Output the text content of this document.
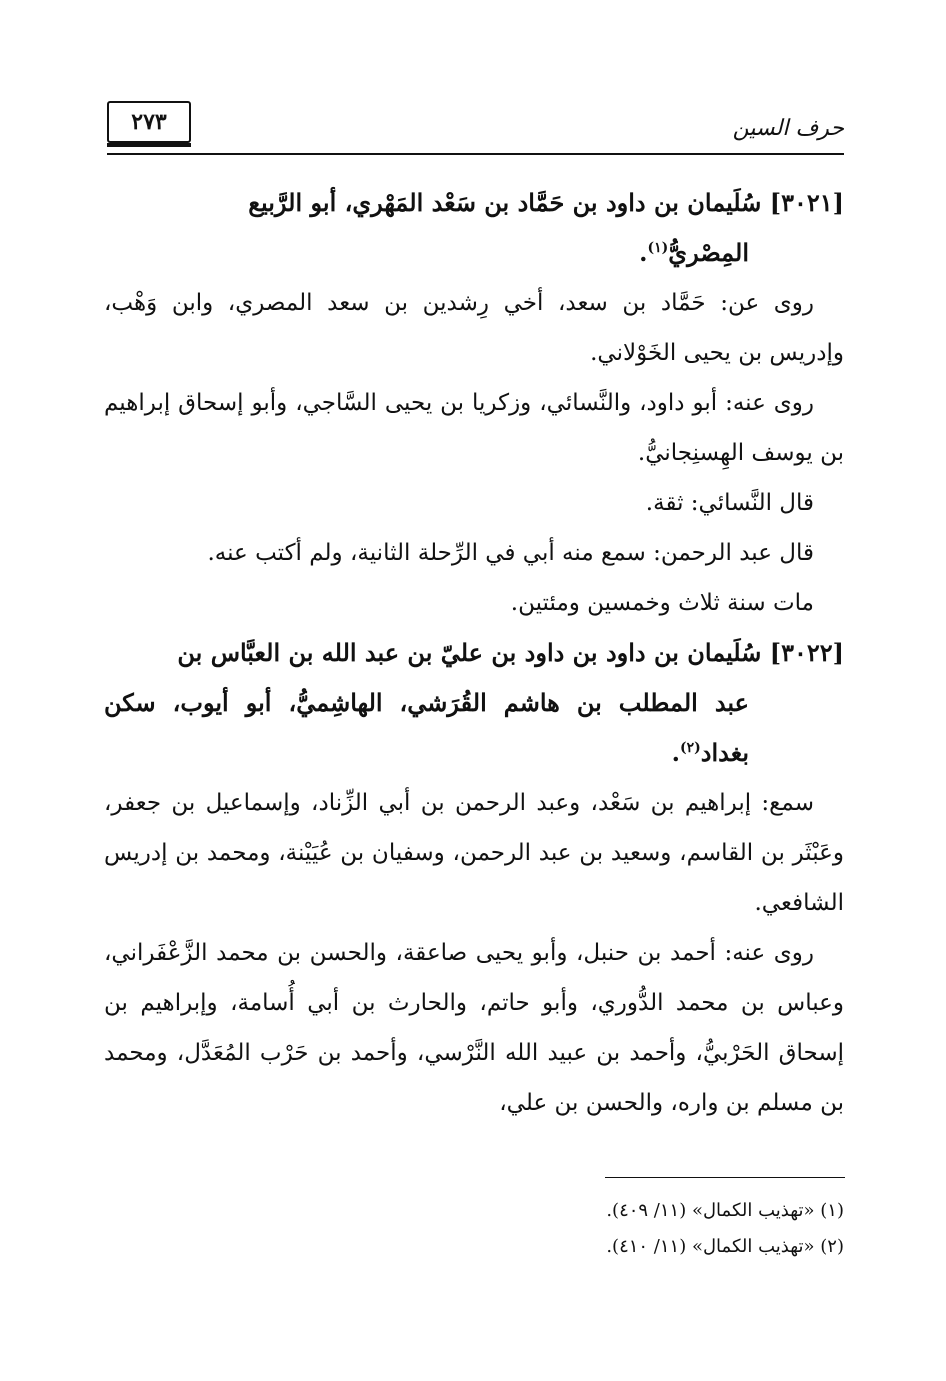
٢٧٣	حرف السين

[٣٠٢١] سُلَيمان بن داود بن حَمَّاد بن سَعْد المَهْري، أبو الرَّبيع
المِصْريُّ$^{(١)}$.

روى عن: حَمَّاد بن سعد، أخي رِشدين بن سعد المصري، وابن وَهْب، وإدريس بن يحيى الخَوْلاني.

روى عنه: أبو داود، والنَّسائي، وزكريا بن يحيى السَّاجي، وأبو إسحاق إبراهيم بن يوسف الهِسنِجانيُّ.

قال النَّسائي: ثقة.

قال عبد الرحمن: سمع منه أبي في الرِّحلة الثانية، ولم أكتب عنه.

مات سنة ثلاث وخمسين ومئتين.

[٣٠٢٢] سُلَيمان بن داود بن داود بن عليّ بن عبد الله بن العبَّاس بن
عبد المطلب بن هاشم القُرَشي، الهاشِميُّ، أبو أيوب، سكن بغداد$^{(٢)}$.

سمع: إبراهيم بن سَعْد، وعبد الرحمن بن أبي الزِّناد، وإسماعيل بن جعفر، وعَبْثَر بن القاسم، وسعيد بن عبد الرحمن، وسفيان بن عُيَيْنة، ومحمد بن إدريس الشافعي.

روى عنه: أحمد بن حنبل، وأبو يحيى صاعقة، والحسن بن محمد الزَّعْفَراني، وعباس بن محمد الدُّوري، وأبو حاتم، والحارث بن أبي أُسامة، وإبراهيم بن إسحاق الحَرْبيُّ، وأحمد بن عبيد الله النَّرْسي، وأحمد بن حَرْب المُعَدَّل، ومحمد بن مسلم بن واره، والحسن بن علي،

(١) «تهذيب الكمال» (١١/ ٤٠٩).

(٢) «تهذيب الكمال» (١١/ ٤١٠).
